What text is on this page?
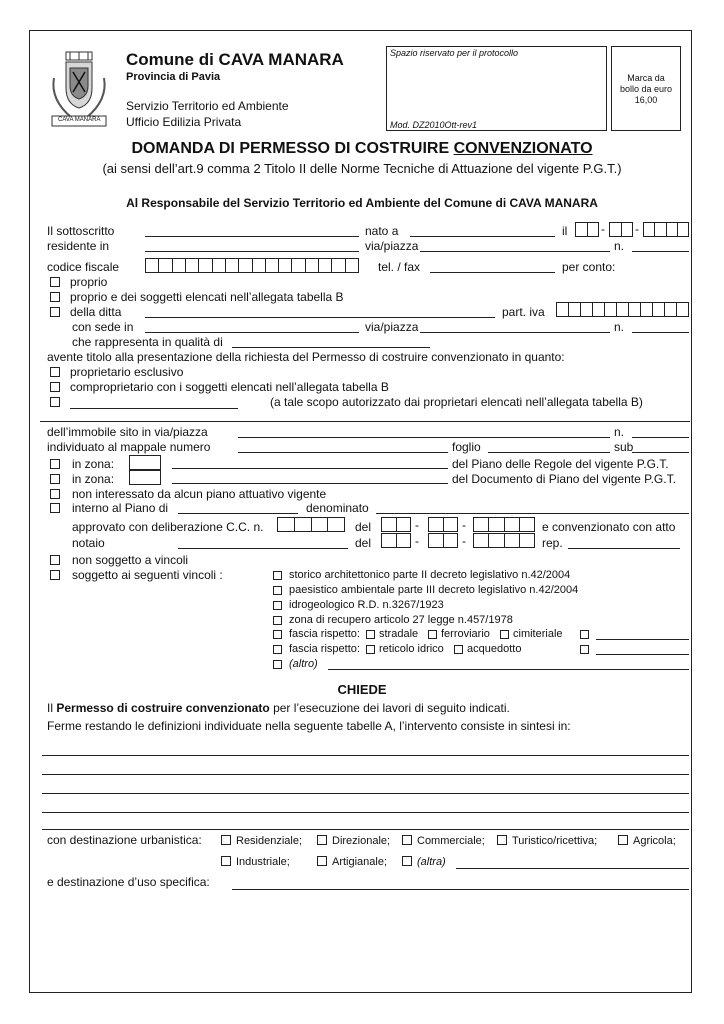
CAVA MANARA
Comune di CAVA MANARA
Provincia di Pavia
Servizio Territorio ed Ambiente
Ufficio Edilizia Privata
Spazio riservato per il protocollo
Mod. DZ2010Ott-rev1
Marca da
bollo da euro
16,00
DOMANDA DI PERMESSO DI COSTRUIRE CONVENZIONATO
(ai sensi dell’art.9 comma 2 Titolo II delle Norme Tecniche di Attuazione del vigente P.G.T.)
Al Responsabile del Servizio Territorio ed Ambiente del Comune di CAVA MANARA
Il sottoscritto	nato a	il	-	-
residente in	via/piazza	n.
codice fiscale	tel. / fax	per conto:
proprio
proprio e dei soggetti elencati nell’allegata tabella B
della ditta	part. iva
con sede in	via/piazza	n.
che rappresenta in qualità di
avente titolo alla presentazione della richiesta del Permesso di costruire convenzionato in quanto:
proprietario esclusivo
comproprietario con i soggetti elencati nell’allegata tabella B
(a tale scopo autorizzato dai proprietari elencati nell’allegata tabella B)
dell’immobile sito in via/piazza	n.
individuato al mappale numero	foglio	sub
in zona:	del Piano delle Regole del vigente P.G.T.
in zona:	del Documento di Piano del vigente P.G.T.
non interessato da alcun piano attuativo vigente
interno al Piano di	denominato
approvato con deliberazione C.C. n.	del	-	-	e convenzionato con atto
notaio	del	-	-	rep.
non soggetto a vincoli
soggetto ai seguenti vincoli :	storico architettonico parte II decreto legislativo n.42/2004
paesistico ambientale parte III decreto legislativo n.42/2004
idrogeologico R.D. n.3267/1923
zona di recupero articolo 27 legge n.457/1978
fascia rispetto: stradale ferroviario cimiteriale
fascia rispetto: reticolo idrico acquedotto
(altro)
CHIEDE
Il Permesso di costruire convenzionato per l’esecuzione dei lavori di seguito indicati.
Ferme restando le definizioni individuate nella seguente tabelle A, l’intervento consiste in sintesi in:
con destinazione urbanistica:	Residenziale;	Direzionale; Commerciale; Turistico/ricettiva;	Agricola;
Industriale;	Artigianale;	(altra)
e destinazione d’uso specifica:
